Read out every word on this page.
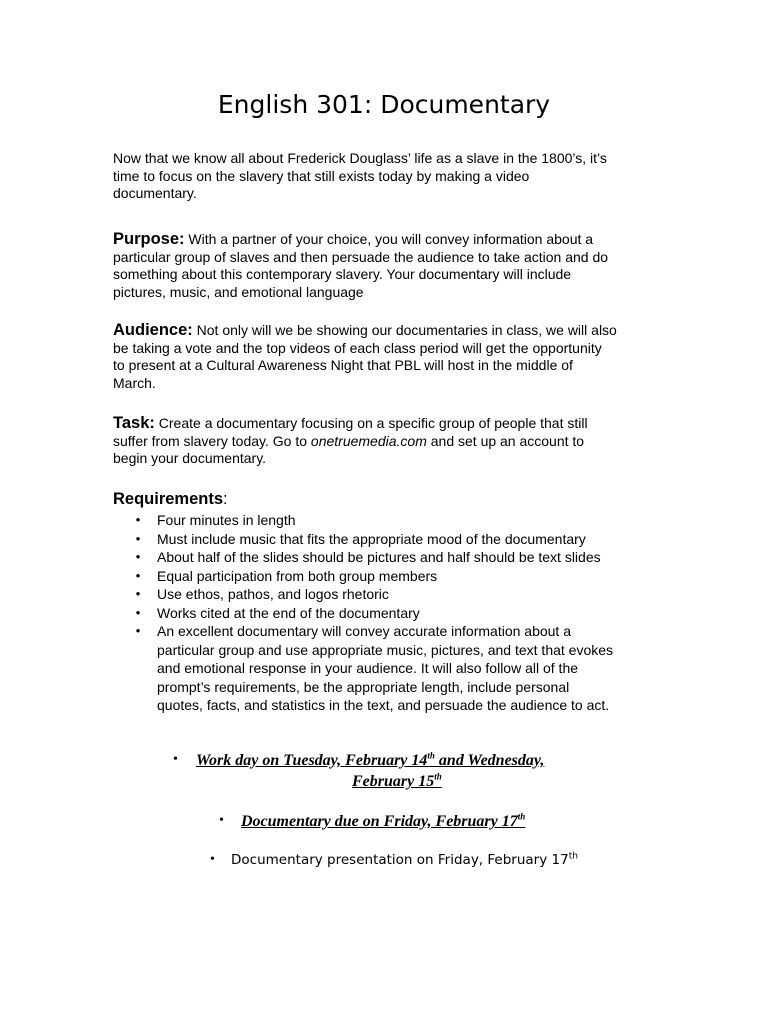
English 301: Documentary
Now that we know all about Frederick Douglass’ life as a slave in the 1800’s, it’s
time to focus on the slavery that still exists today by making a video
documentary.
Purpose: With a partner of your choice, you will convey information about a
particular group of slaves and then persuade the audience to take action and do
something about this contemporary slavery. Your documentary will include
pictures, music, and emotional language
Audience: Not only will we be showing our documentaries in class, we will also
be taking a vote and the top videos of each class period will get the opportunity
to present at a Cultural Awareness Night that PBL will host in the middle of
March.
Task: Create a documentary focusing on a specific group of people that still
suffer from slavery today. Go to onetruemedia.com and set up an account to
begin your documentary.
Requirements:
• Four minutes in length
• Must include music that fits the appropriate mood of the documentary
• About half of the slides should be pictures and half should be text slides
• Equal participation from both group members
• Use ethos, pathos, and logos rhetoric
• Works cited at the end of the documentary
• An excellent documentary will convey accurate information about a
particular group and use appropriate music, pictures, and text that evokes
and emotional response in your audience. It will also follow all of the
prompt’s requirements, be the appropriate length, include personal
quotes, facts, and statistics in the text, and persuade the audience to act.
• Work day on Tuesday, February 14th and Wednesday,
February 15th
• Documentary due on Friday, February 17th
• Documentary presentation on Friday, February 17th
